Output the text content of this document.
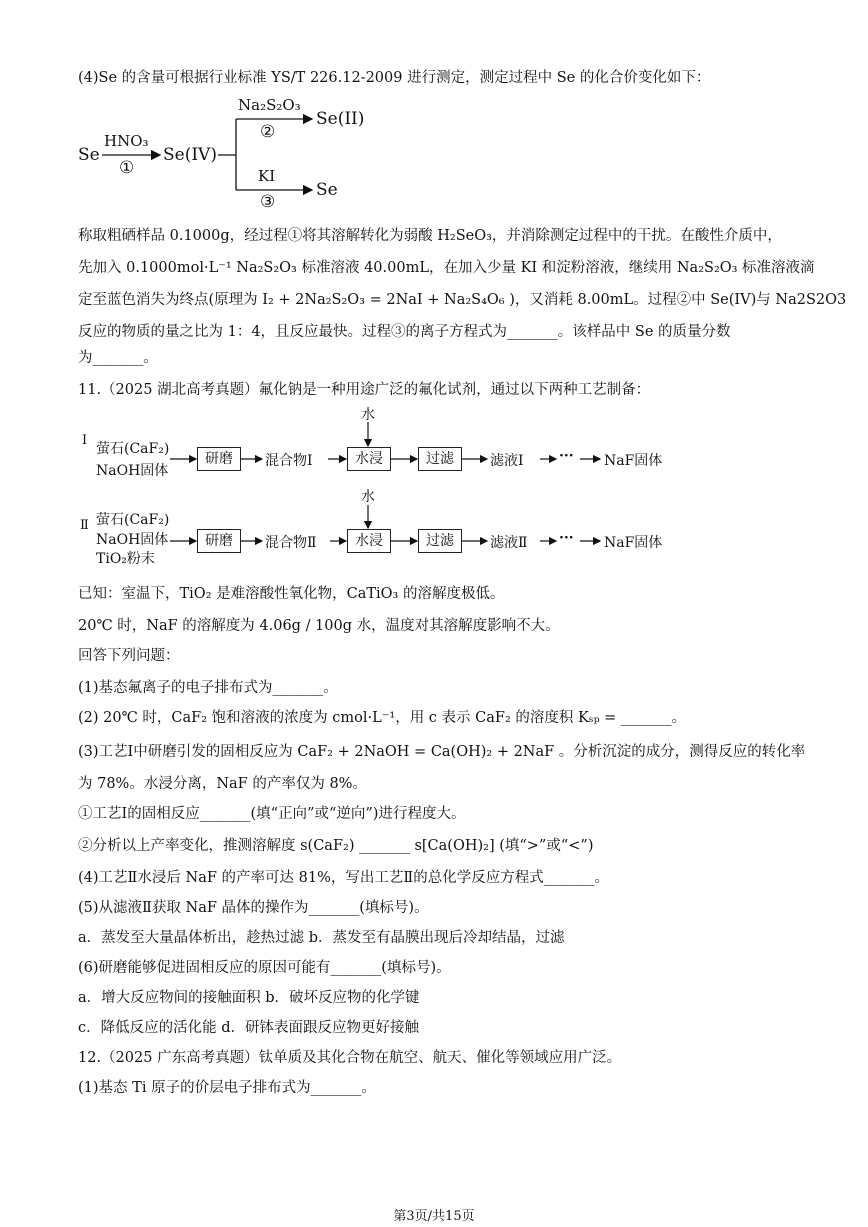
(4)Se 的含量可根据行业标准 YS/T 226.12-2009 进行测定，测定过程中 Se 的化合价变化如下：
Se
HNO₃
①
Se(IV)
Na₂S₂O₃
②
Se(II)
KI
③
Se
称取粗硒样品 0.1000g，经过程①将其溶解转化为弱酸 H₂SeO₃，并消除测定过程中的干扰。在酸性介质中，
先加入 0.1000mol·L⁻¹ Na₂S₂O₃ 标准溶液 40.00mL，在加入少量 KI 和淀粉溶液，继续用 Na₂S₂O₃ 标准溶液滴
定至蓝色消失为终点(原理为 I₂ + 2Na₂S₂O₃ = 2NaI + Na₂S₄O₆ )，又消耗 8.00mL。过程②中 Se(IV)与 Na2S2O3
反应的物质的量之比为 1：4，且反应最快。过程③的离子方程式为_______。该样品中 Se 的质量分数
为_______。
11.（2025 湖北高考真题）氟化钠是一种用途广泛的氟化试剂，通过以下两种工艺制备：
Ⅰ
萤石(CaF₂)
NaOH固体
研磨	混合物Ⅰ
水
水浸	过滤	滤液Ⅰ	··· NaF固体
Ⅱ 萤石(CaF₂)
NaOH固体
TiO₂粉末
研磨	混合物Ⅱ
水
水浸	过滤	滤液Ⅱ ··· NaF固体
已知：室温下，TiO₂ 是难溶酸性氧化物，CaTiO₃ 的溶解度极低。
20℃ 时，NaF 的溶解度为 4.06g / 100g 水，温度对其溶解度影响不大。
回答下列问题：
(1)基态氟离子的电子排布式为_______。
(2) 20℃ 时，CaF₂ 饱和溶液的浓度为 cmol·L⁻¹，用 c 表示 CaF₂ 的溶度积 Kₛₚ = _______。
(3)工艺Ⅰ中研磨引发的固相反应为 CaF₂ + 2NaOH = Ca(OH)₂ + 2NaF 。分析沉淀的成分，测得反应的转化率
为 78%。水浸分离，NaF 的产率仅为 8%。
①工艺Ⅰ的固相反应_______(填“正向”或“逆向”)进行程度大。
②分析以上产率变化，推测溶解度 s(CaF₂) _______ s[Ca(OH)₂] (填“>”或“<”)
(4)工艺Ⅱ水浸后 NaF 的产率可达 81%，写出工艺Ⅱ的总化学反应方程式_______。
(5)从滤液Ⅱ获取 NaF 晶体的操作为_______(填标号)。
a．蒸发至大量晶体析出，趁热过滤 b．蒸发至有晶膜出现后冷却结晶，过滤
(6)研磨能够促进固相反应的原因可能有_______(填标号)。
a．增大反应物间的接触面积 b．破坏反应物的化学键
c．降低反应的活化能 d．研钵表面跟反应物更好接触
12.（2025 广东高考真题）钛单质及其化合物在航空、航天、催化等领域应用广泛。
(1)基态 Ti 原子的价层电子排布式为_______。
第3页/共15页
